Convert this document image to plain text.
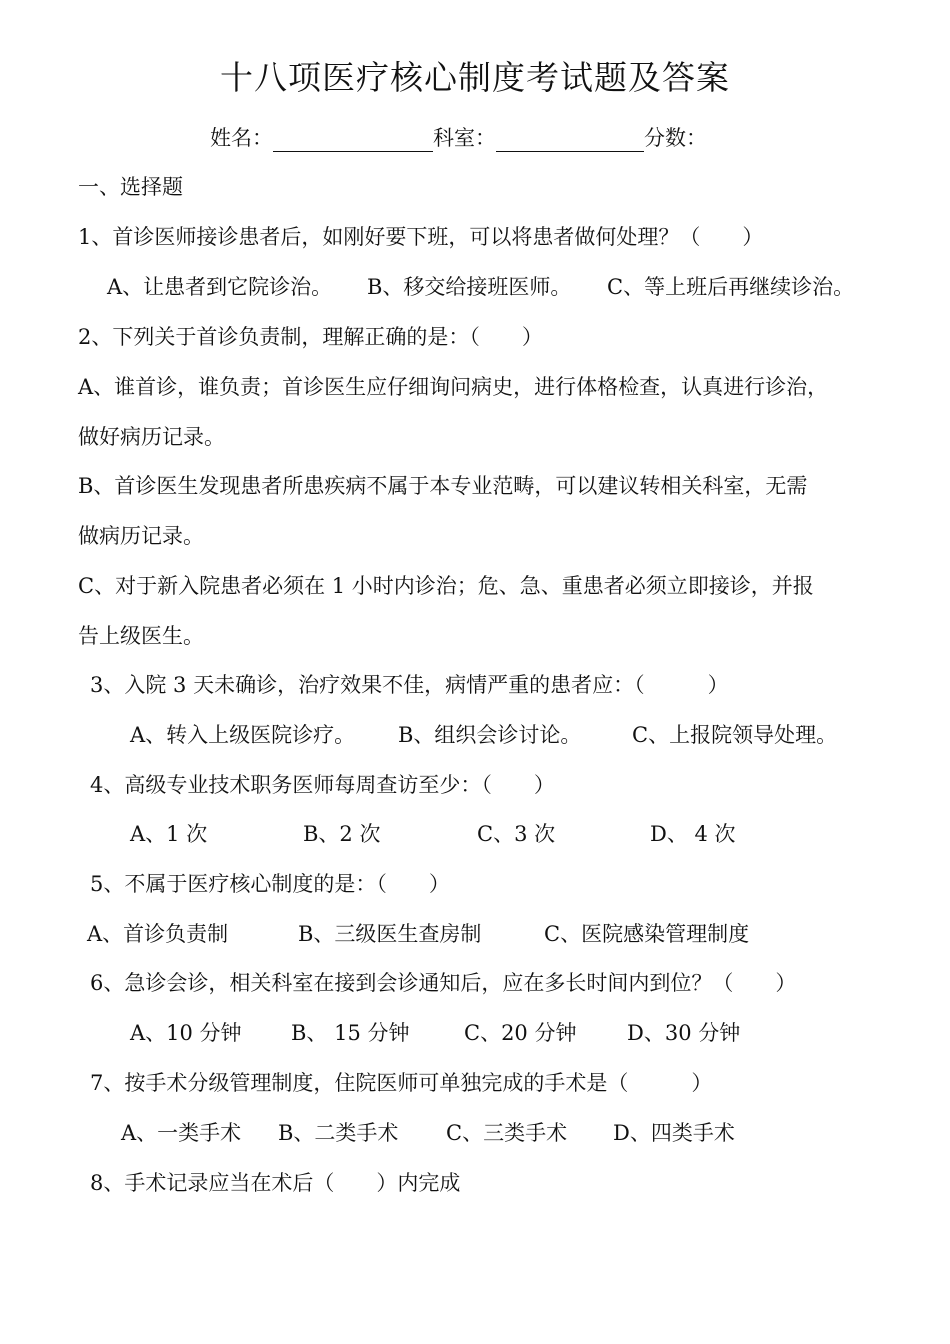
十八项医疗核心制度考试题及答案
姓名：	科室：	分数：
一、选择题
1、首诊医师接诊患者后，如刚好要下班，可以将患者做何处理？（　　）
A、让患者到它院诊治。 B、移交给接班医师。 C、等上班后再继续诊治。
2、下列关于首诊负责制，理解正确的是：（　　）
A、谁首诊，谁负责；首诊医生应仔细询问病史，进行体格检查，认真进行诊治，
做好病历记录。
B、首诊医生发现患者所患疾病不属于本专业范畴，可以建议转相关科室，无需
做病历记录。
C、对于新入院患者必须在 1 小时内诊治；危、急、重患者必须立即接诊，并报
告上级医生。
3、入院 3 天未确诊，治疗效果不佳，病情严重的患者应：（　　　）
A、转入上级医院诊疗。 B、组织会诊讨论。 C、上报院领导处理。
4、高级专业技术职务医师每周查访至少：（　　）
A、1 次	B、2 次	C、3 次	D、 4 次
5、不属于医疗核心制度的是：（　　）
A、首诊负责制	B、三级医生查房制	C、医院感染管理制度
6、急诊会诊，相关科室在接到会诊通知后，应在多长时间内到位？（　　）
A、10 分钟 B、 15 分钟	C、20 分钟 D、30 分钟
7、按手术分级管理制度，住院医师可单独完成的手术是（　　　）
A、一类手术 B、二类手术 C、三类手术 D、四类手术
8、手术记录应当在术后（　　）内完成
